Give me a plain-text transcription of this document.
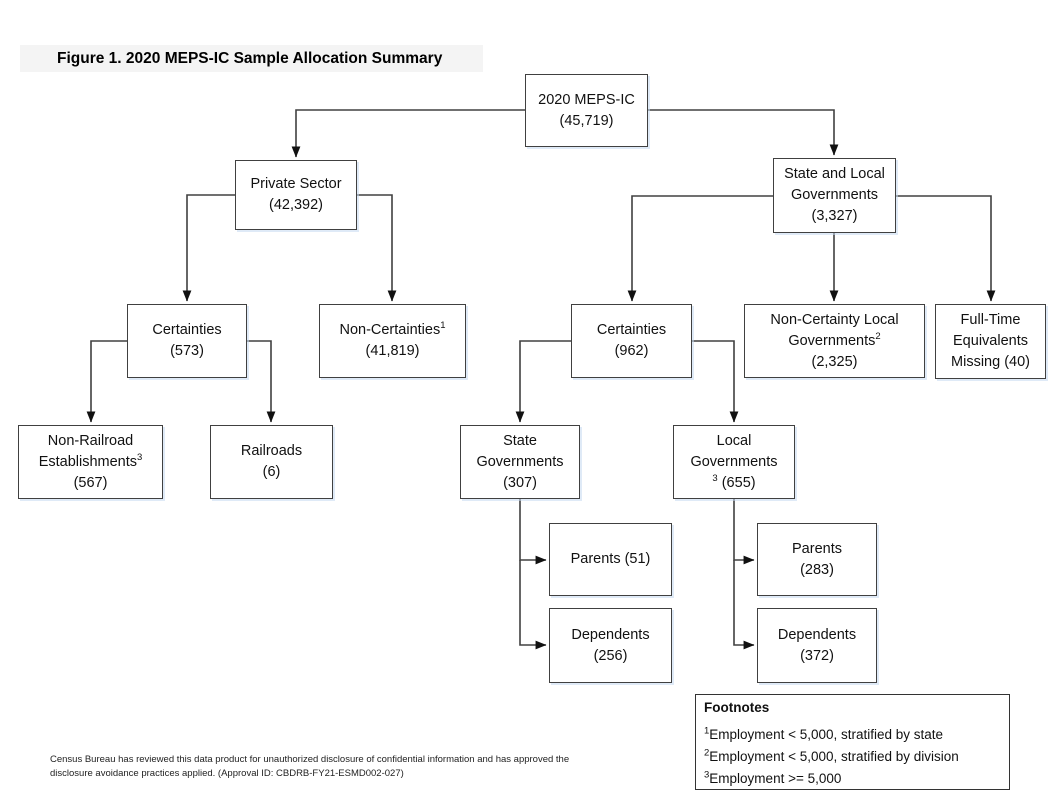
Figure 1. 2020 MEPS-IC Sample Allocation Summary
2020 MEPS-IC
(45,719)
Private Sector
(42,392)
State and Local
Governments
(3,327)
Certainties
(573)
Non-Certainties$^1$
(41,819)
Certainties
(962)
Non-Certainty Local
Governments$^2$
(2,325)
Full-Time
Equivalents
Missing (40)
Non-Railroad
Establishments$^3$
(567)
Railroads
(6)
State
Governments
(307)
Local
Governments
$^3$ (655)
Parents (51)
Dependents
(256)
Parents
(283)
Dependents
(372)
Footnotes
$^1$Employment < 5,000, stratified by state
$^2$Employment < 5,000, stratified by division
$^3$Employment >= 5,000
Census Bureau has reviewed this data product for unauthorized disclosure of confidential information and has approved the
disclosure avoidance practices applied. (Approval ID: CBDRB-FY21-ESMD002-027)
